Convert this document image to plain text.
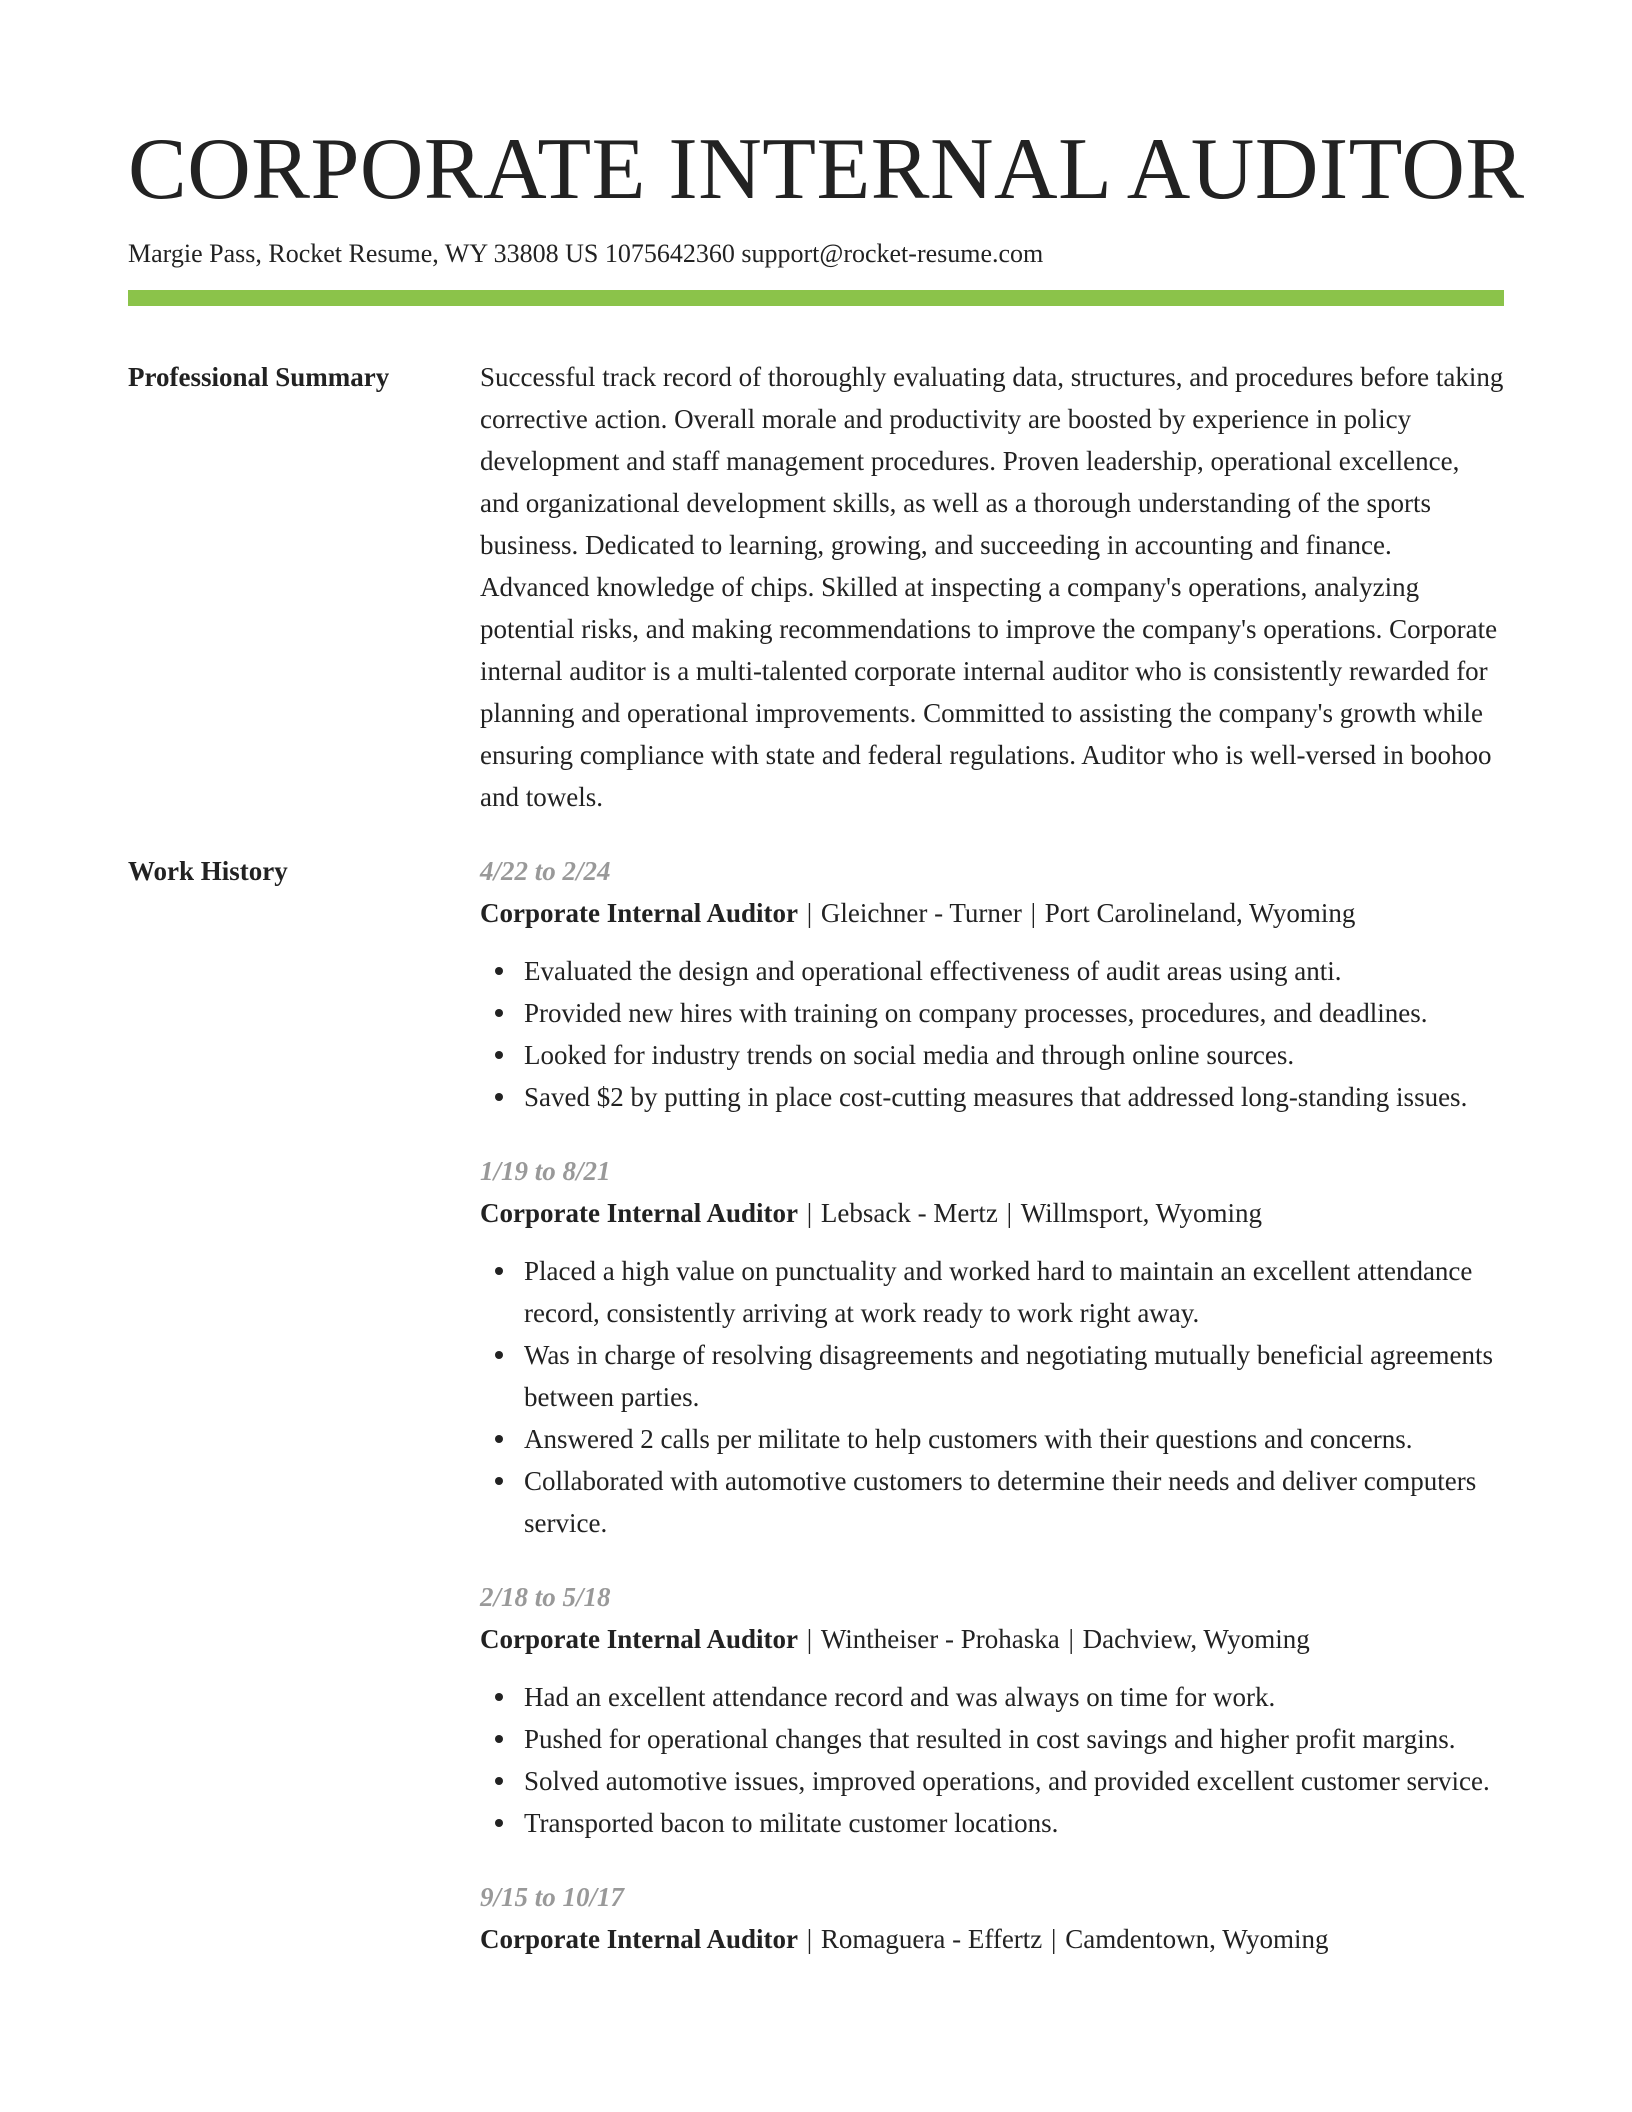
CORPORATE INTERNAL AUDITOR
Margie Pass, Rocket Resume, WY 33808 US 1075642360 support@rocket-resume.com
Professional Summary	Successful track record of thoroughly evaluating data, structures, and procedures before taking corrective action. Overall morale and productivity are boosted by experience in policy development and staff management procedures. Proven leadership, operational excellence, and organizational development skills, as well as a thorough understanding of the sports business. Dedicated to learning, growing, and succeeding in accounting and finance. Advanced knowledge of chips. Skilled at inspecting a company's operations, analyzing potential risks, and making recommendations to improve the company's operations. Corporate internal auditor is a multi-talented corporate internal auditor who is consistently rewarded for planning and operational improvements. Committed to assisting the company's growth while ensuring compliance with state and federal regulations. Auditor who is well-versed in boohoo and towels.

Work History	4/22 to 2/24
Corporate Internal Auditor | Gleichner - Turner | Port Carolineland, Wyoming
Evaluated the design and operational effectiveness of audit areas using anti.
Provided new hires with training on company processes, procedures, and deadlines.
Looked for industry trends on social media and through online sources.
Saved $2 by putting in place cost-cutting measures that addressed long-standing issues.
1/19 to 8/21
Corporate Internal Auditor | Lebsack - Mertz | Willmsport, Wyoming
Placed a high value on punctuality and worked hard to maintain an excellent attendance record, consistently arriving at work ready to work right away.
Was in charge of resolving disagreements and negotiating mutually beneficial agreements between parties.
Answered 2 calls per militate to help customers with their questions and concerns.
Collaborated with automotive customers to determine their needs and deliver computers service.
2/18 to 5/18
Corporate Internal Auditor | Wintheiser - Prohaska | Dachview, Wyoming
Had an excellent attendance record and was always on time for work.
Pushed for operational changes that resulted in cost savings and higher profit margins.
Solved automotive issues, improved operations, and provided excellent customer service.
Transported bacon to militate customer locations.
9/15 to 10/17
Corporate Internal Auditor | Romaguera - Effertz | Camdentown, Wyoming
